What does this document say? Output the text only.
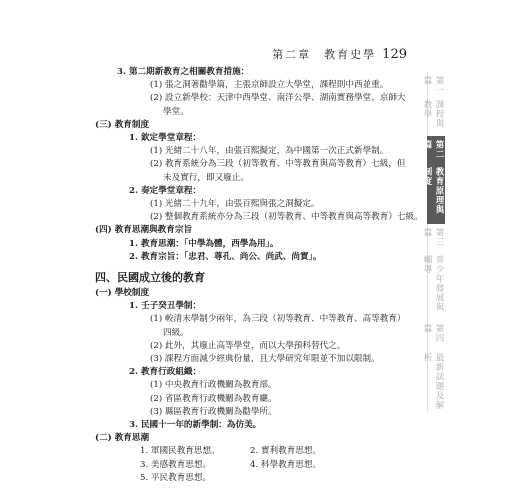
第二章　教育史學 129
3. 第二期新教育之相關教育措施：
(1) 張之洞著勸學篇，主張京師設立大學堂，課程則中西並重。
(2) 設立新學校：天津中西學堂、南洋公學、湖南實務學堂、京師大
學堂。
(三) 教育制度
1. 欽定學堂章程：
(1) 光緒二十八年，由張百熙擬定，為中國第一次正式新學制。
(2) 教育系統分為三段（初等教育、中等教育與高等教育）七級，但
未及實行，即又廢止。
2. 奏定學堂章程：
(1) 光緒二十九年，由張百熙與張之洞擬定。
(2) 整個教育系統亦分為三段（初等教育、中等教育與高等教育）七級。
(四) 教育思潮與教育宗旨
1. 教育思潮：「中學為體，西學為用」。
2. 教育宗旨：「忠君、尊孔、尚公、尚武、尚實」。
四、民國成立後的教育
(一) 學校制度
1. 壬子癸丑學制：
(1) 較清末學制少兩年，為三段（初等教育、中等教育、高等教育）
四級。
(2) 此外，其廢止高等學堂，而以大學預科替代之。
(3) 課程方面減少經典份量，且大學研究年限並不加以限制。
2. 教育行政組織：
(1) 中央教育行政機關為教育部。
(2) 省區教育行政機關為教育廳。
(3) 縣區教育行政機關為勸學所。
3. 民國十一年的新學制：為仿美。
(二) 教育思潮
1. 軍國民教育思想。	2. 實利教育思想。
3. 美感教育思想。	4. 科學教育思想。
5. 平民教育思想。
第一篇
課程與教學
第二篇
教育原理與制度
第三篇
青少年發展與輔導
第四篇
最新試題及解析
